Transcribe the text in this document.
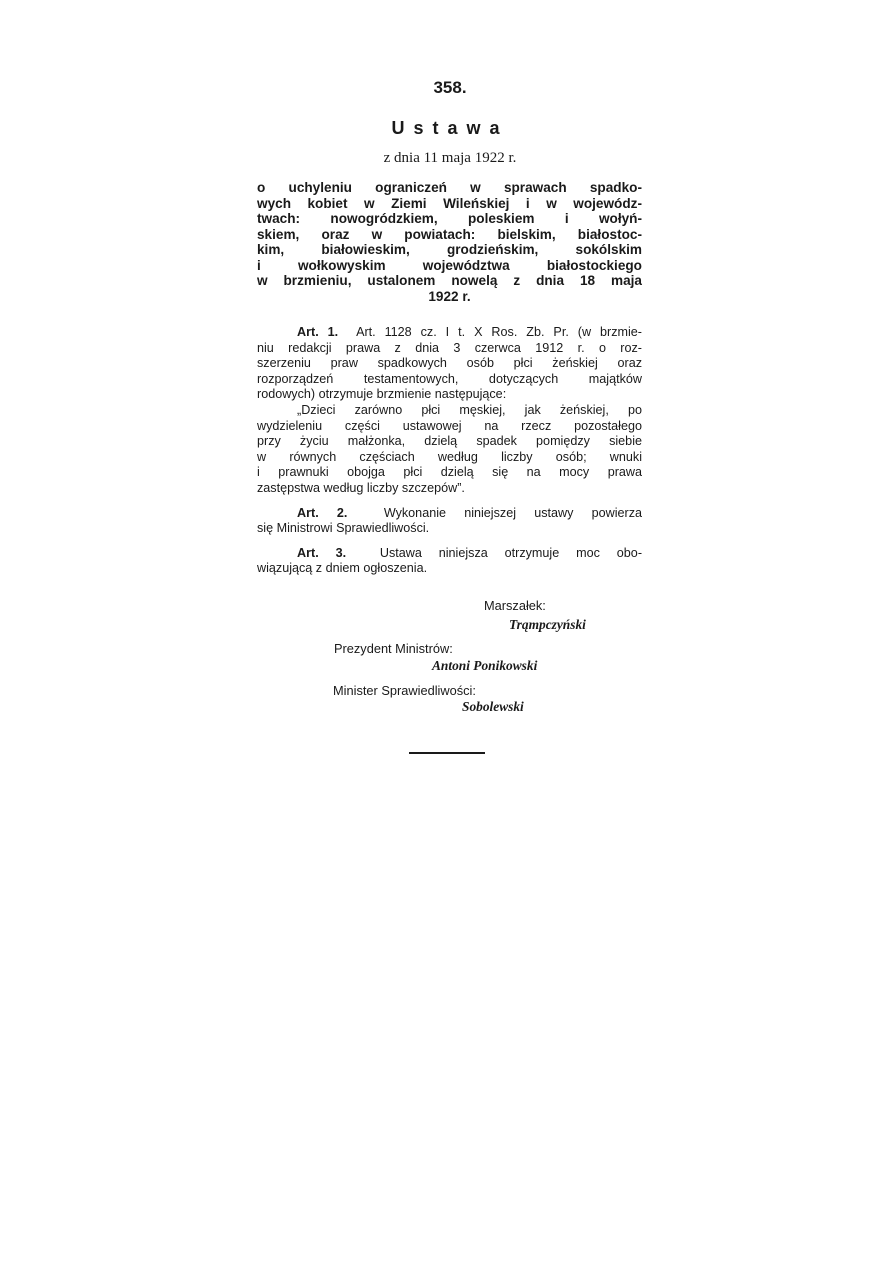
358.
Ustawa
z dnia 11 maja 1922 r.
o uchyleniu ograniczeń w sprawach spadko-
wych kobiet w Ziemi Wileńskiej i w wojewódz-
twach: nowogródzkiem, poleskiem i wołyń-
skiem, oraz w powiatach: bielskim, białostoc-
kim, białowieskim, grodzieńskim, sokólskim
i wołkowyskim województwa białostockiego
w brzmieniu, ustalonem nowelą z dnia 18 maja
1922 r.
Art. 1. Art. 1128 cz. I t. X Ros. Zb. Pr. (w brzmie-
niu redakcji prawa z dnia 3 czerwca 1912 r. o roz-
szerzeniu praw spadkowych osób płci żeńskiej oraz
rozporządzeń testamentowych, dotyczących majątków
rodowych) otrzymuje brzmienie następujące:
„Dzieci zarówno płci męskiej, jak żeńskiej, po
wydzieleniu części ustawowej na rzecz pozostałego
przy życiu małżonka, dzielą spadek pomiędzy siebie
w równych częściach według liczby osób; wnuki
i prawnuki obojga płci dzielą się na mocy prawa
zastępstwa według liczby szczepów”.
Art. 2.	Wykonanie niniejszej ustawy powierza
się Ministrowi Sprawiedliwości.
Art. 3.	Ustawa niniejsza otrzymuje moc obo-
wiązującą z dniem ogłoszenia.
Marszałek:
Trąmpczyński
Prezydent Ministrów:
Antoni Ponikowski
Minister Sprawiedliwości:
Sobolewski
